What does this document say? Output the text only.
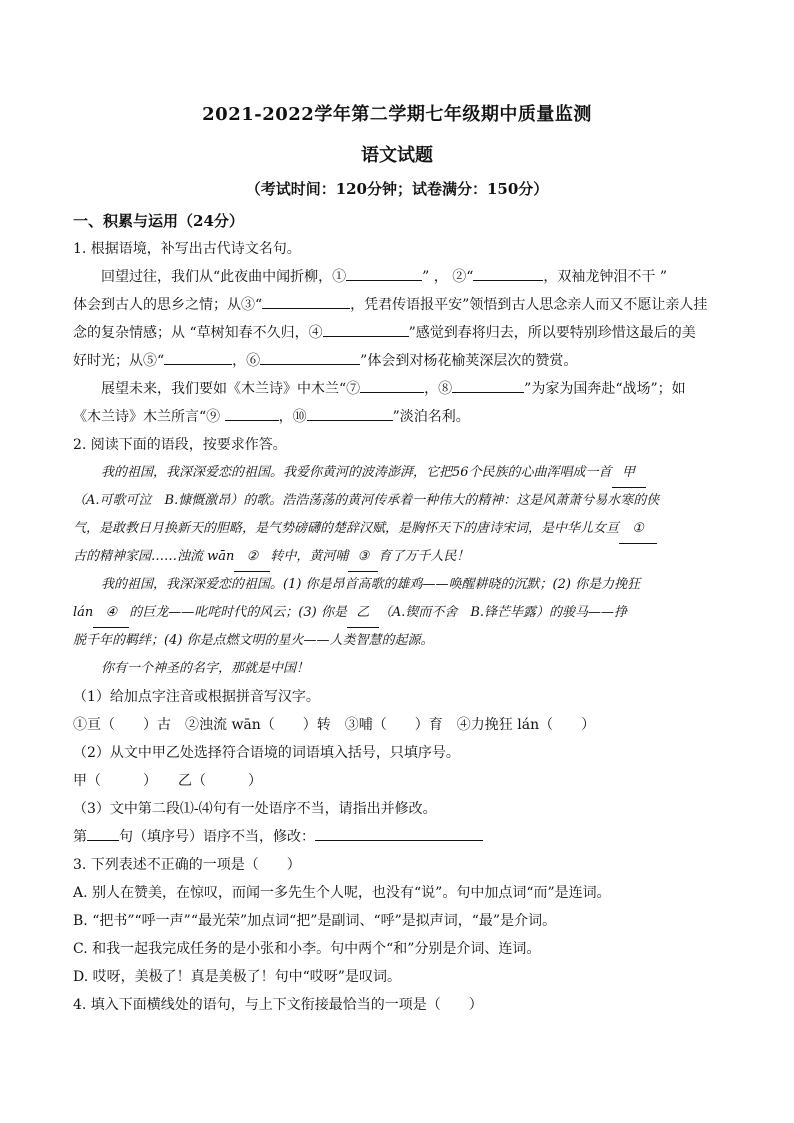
2021-2022学年第二学期七年级期中质量监测
语文试题
（考试时间：120分钟；试卷满分：150分）
一、积累与运用（24分）
1. 根据语境，补写出古代诗文名句。
回望过往，我们从“此夜曲中闻折柳，①	” ， ②“	，双袖龙钟泪不干 ”
体会到古人的思乡之情；从③“	，凭君传语报平安”领悟到古人思念亲人而又不愿让亲人挂
念的复杂情感；从 “草树知春不久归，④	”感觉到春将归去，所以要特别珍惜这最后的美
好时光；从⑤“	，⑥	”体会到对杨花榆荚深层次的赞赏。
展望未来，我们要如《木兰诗》中木兰“⑦	，⑧	”为家为国奔赴“战场”；如
《木兰诗》木兰所言“⑨	，⑩	”淡泊名利。
2. 阅读下面的语段，按要求作答。
我的祖国，我深深爱恋的祖国。我爱你黄河的波涛澎湃，它把56个民族的心曲浑唱成一首 甲
（A.可歌可泣　B.慷慨激昂）的歌。浩浩荡荡的黄河传承着一种伟大的精神：这是风萧萧兮易水寒的侠
气，是敢教日月换新天的胆略，是气势磅礴的楚辞汉赋，是胸怀天下的唐诗宋词，是中华儿女亘 ①
古的精神家园……浊流 wān ② 转中，黄河哺 ③ 育了万千人民！
我的祖国，我深深爱恋的祖国。(1) 你是昂首高歌的雄鸡——唤醒耕晓的沉默；(2) 你是力挽狂
lán ④ 的巨龙——叱咤时代的风云；(3) 你是 乙 （A.锲而不舍　B.锋芒毕露）的骏马——挣
脱千年的羁绊；(4) 你是点燃文明的星火——人类智慧的起源。
你有一个神圣的名字，那就是中国！
（1）给加点字注音或根据拼音写汉字。
①亘（　　）古　②浊流 wān（　　）转　③哺（　　）育　④力挽狂 lán（　　）
（2）从文中甲乙处选择符合语境的词语填入括号，只填序号。
甲（　　　）　　乙（　　　）
（3）文中第二段⑴-⑷句有一处语序不当，请指出并修改。
第 句（填序号）语序不当，修改：
3. 下列表述不正确的一项是（　　）
A. 别人在赞美，在惊叹，而闻一多先生个人呢，也没有“说”。句中加点词“而”是连词。
B. “把书”“呼一声”“最光荣”加点词“把”是副词、“呼”是拟声词，“最”是介词。
C. 和我一起我完成任务的是小张和小李。句中两个“和”分别是介词、连词。
D. 哎呀，美极了！真是美极了！句中“哎呀”是叹词。
4. 填入下面横线处的语句，与上下文衔接最恰当的一项是（　　）
